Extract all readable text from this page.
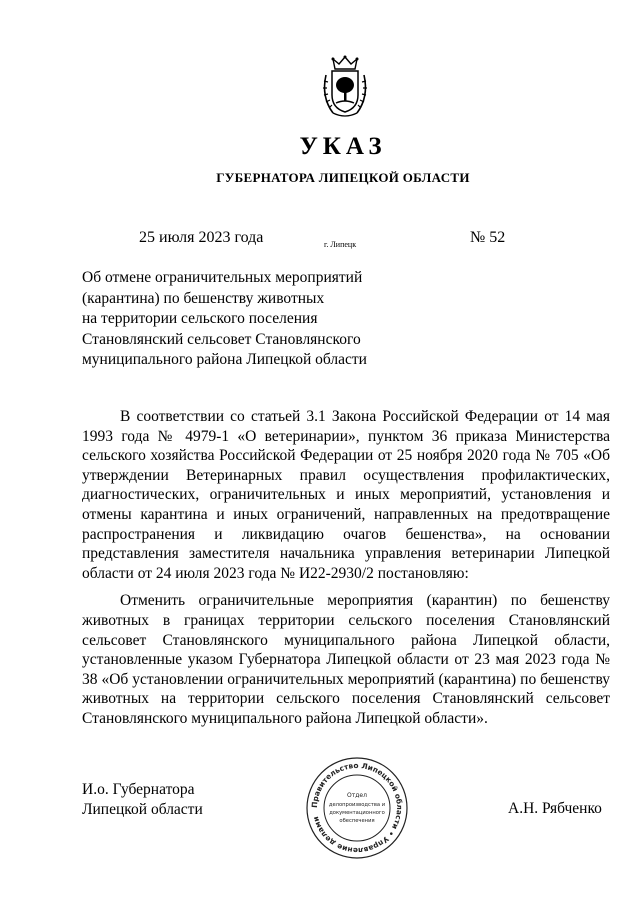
УКАЗ
ГУБЕРНАТОРА ЛИПЕЦКОЙ ОБЛАСТИ
25 июля 2023 года	г. Липецк	№ 52
Об отмене ограничительных мероприятий
(карантина) по бешенству животных
на территории сельского поселения
Становлянский сельсовет Становлянского
муниципального района Липецкой области

В соответствии со статьей 3.1 Закона Российской Федерации от 14 мая 1993 года № 4979-1 «О ветеринарии», пунктом 36 приказа Министерства сельского хозяйства Российской Федерации от 25 ноября 2020 года № 705 «Об утверждении Ветеринарных правил осуществления профилактических, диагностических, ограничительных и иных мероприятий, установления и отмены карантина и иных ограничений, направленных на предотвращение распространения и ликвидацию очагов бешенства», на основании представления заместителя начальника управления ветеринарии Липецкой области от 24 июля 2023 года № И22-2930/2 постановляю:

Отменить ограничительные мероприятия (карантин) по бешенству животных в границах территории сельского поселения Становлянский сельсовет Становлянского муниципального района Липецкой области, установленные указом Губернатора Липецкой области от 23 мая 2023 года № 38 «Об установлении ограничительных мероприятий (карантина) по бешенству животных на территории сельского поселения Становлянский сельсовет Становлянского муниципального района Липецкой области».

И.о. Губернатора
Липецкой области	Правительство Липецкой области • Управление делами
Отдел
делопроизводства и
документационного
обеспечения
А.Н. Рябченко
